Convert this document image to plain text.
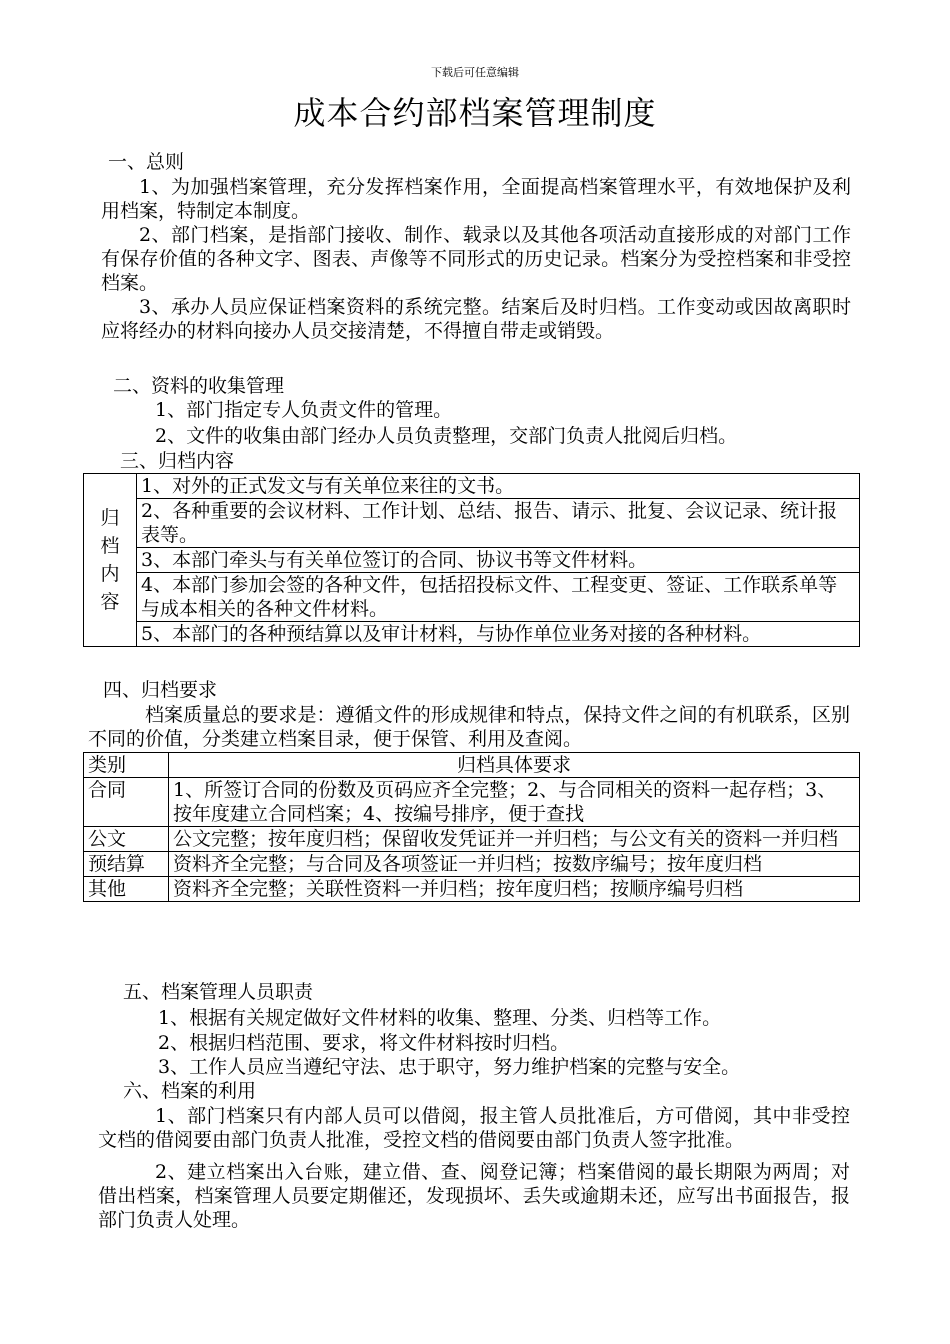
下载后可任意编辑
成本合约部档案管理制度
一、总则

1、为加强档案管理，充分发挥档案作用，全面提高档案管理水平，有效地保护及利用档案，特制定本制度。

2、部门档案，是指部门接收、制作、载录以及其他各项活动直接形成的对部门工作有保存价值的各种文字、图表、声像等不同形式的历史记录。档案分为受控档案和非受控档案。

3、承办人员应保证档案资料的系统完整。结案后及时归档。工作变动或因故离职时应将经办的材料向接办人员交接清楚，不得擅自带走或销毁。

二、资料的收集管理
1、部门指定专人负责文件的管理。
2、文件的收集由部门经办人员负责整理，交部门负责人批阅后归档。
三、归档内容
归档内容	1、对外的正式发文与有关单位来往的文书。
2、各种重要的会议材料、工作计划、总结、报告、请示、批复、会议记录、统计报表等。
3、本部门牵头与有关单位签订的合同、协议书等文件材料。
4、本部门参加会签的各种文件，包括招投标文件、工程变更、签证、工作联系单等与成本相关的各种文件材料。
5、本部门的各种预结算以及审计材料，与协作单位业务对接的各种材料。
四、归档要求

档案质量总的要求是：遵循文件的形成规律和特点，保持文件之间的有机联系，区别不同的价值，分类建立档案目录，便于保管、利用及查阅。

类别	归档具体要求
合同	1、所签订合同的份数及页码应齐全完整；2、与合同相关的资料一起存档；3、按年度建立合同档案；4、按编号排序，便于查找
公文	公文完整；按年度归档；保留收发凭证并一并归档；与公文有关的资料一并归档
预结算	资料齐全完整；与合同及各项签证一并归档；按数序编号；按年度归档
其他	资料齐全完整；关联性资料一并归档；按年度归档；按顺序编号归档
五、档案管理人员职责
1、根据有关规定做好文件材料的收集、整理、分类、归档等工作。
2、根据归档范围、要求，将文件材料按时归档。
3、工作人员应当遵纪守法、忠于职守，努力维护档案的完整与安全。
六、档案的利用

1、部门档案只有内部人员可以借阅，报主管人员批准后，方可借阅，其中非受控文档的借阅要由部门负责人批准，受控文档的借阅要由部门负责人签字批准。

2、建立档案出入台账，建立借、查、阅登记簿；档案借阅的最长期限为两周；对借出档案，档案管理人员要定期催还，发现损坏、丢失或逾期未还，应写出书面报告，报部门负责人处理。
